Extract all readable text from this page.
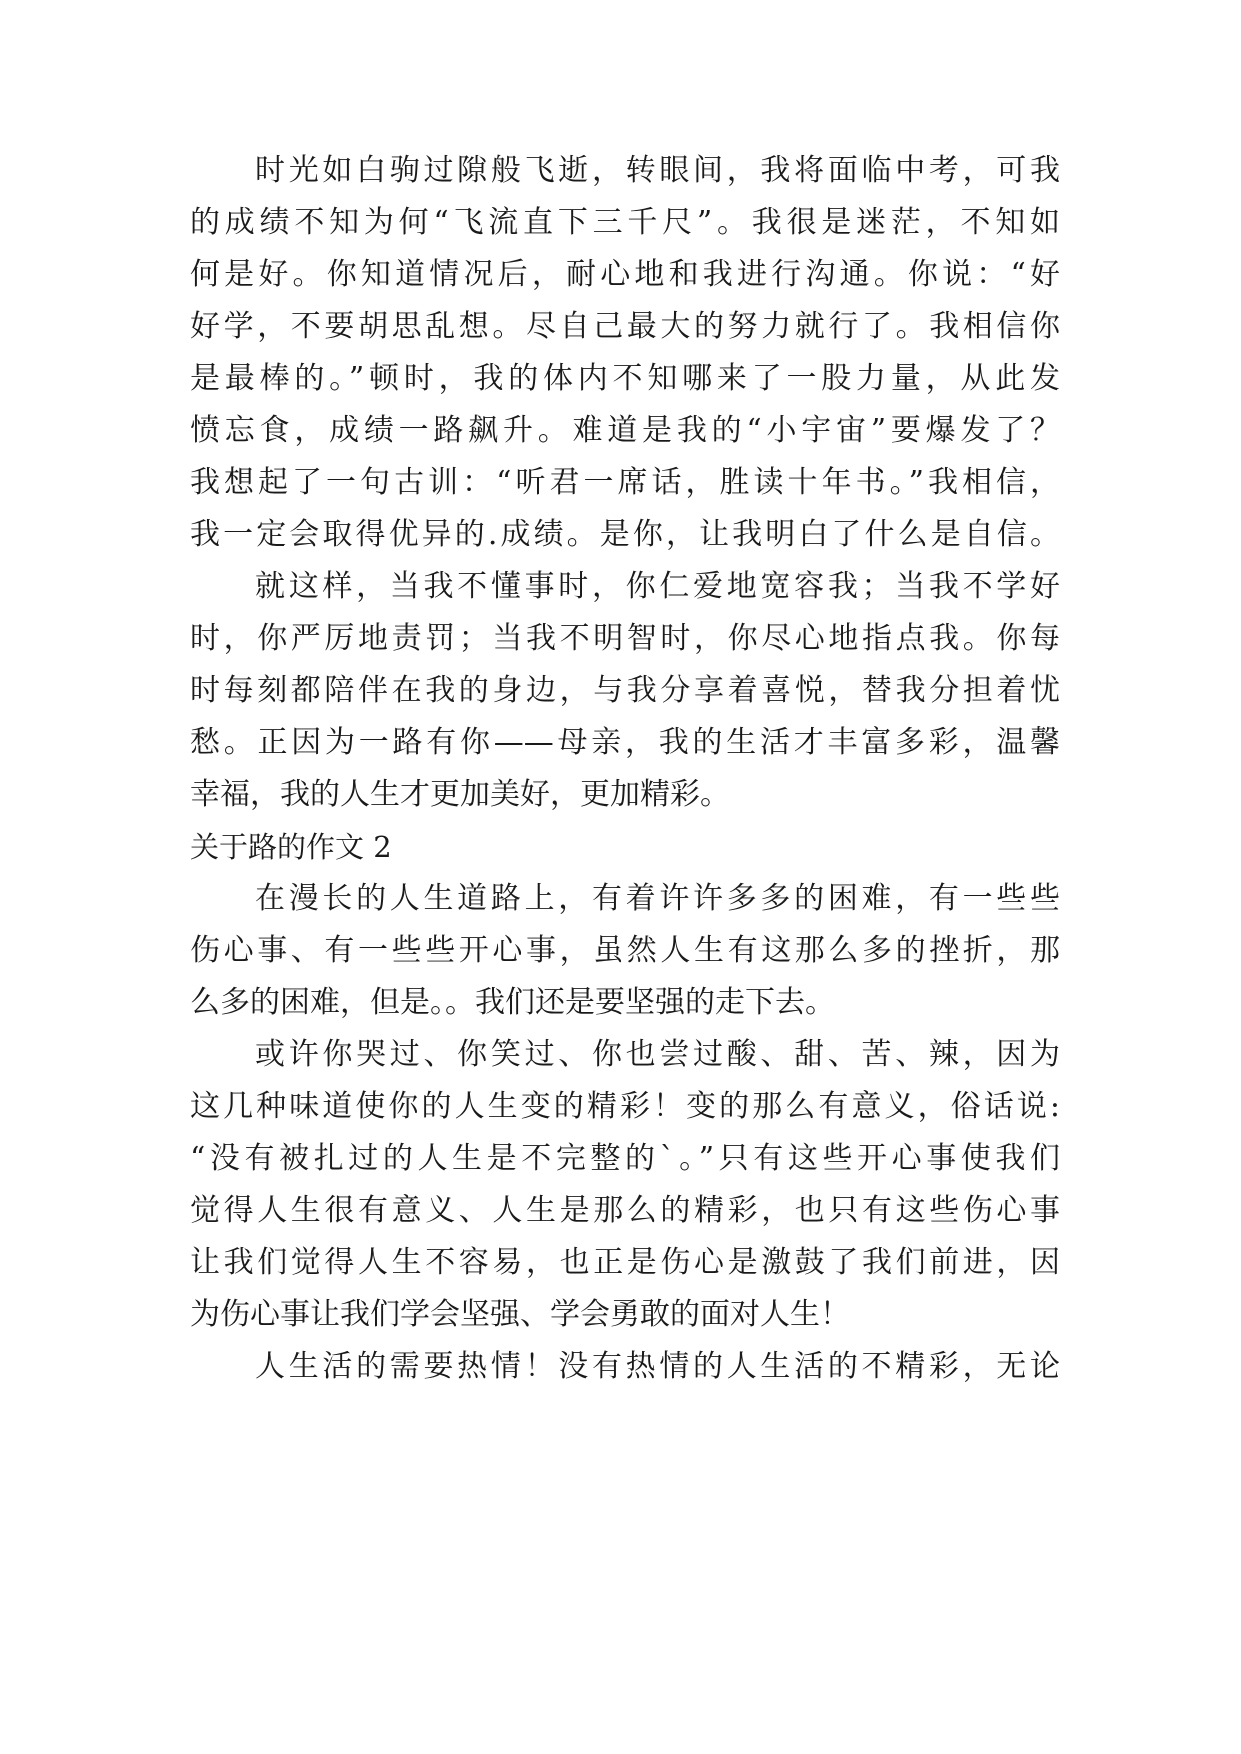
时光如白驹过隙般飞逝，转眼间，我将面临中考，可我

的成绩不知为何“飞流直下三千尺”。我很是迷茫，不知如

何是好。你知道情况后，耐心地和我进行沟通。你说：“好

好学，不要胡思乱想。尽自己最大的努力就行了。我相信你

是最棒的。”顿时，我的体内不知哪来了一股力量，从此发

愤忘食，成绩一路飙升。难道是我的“小宇宙”要爆发了？

我想起了一句古训：“听君一席话，胜读十年书。”我相信，

我一定会取得优异的.成绩。是你，让我明白了什么是自信。

就这样，当我不懂事时，你仁爱地宽容我；当我不学好

时，你严厉地责罚；当我不明智时，你尽心地指点我。你每

时每刻都陪伴在我的身边，与我分享着喜悦，替我分担着忧

愁。正因为一路有你——母亲，我的生活才丰富多彩，温馨

幸福，我的人生才更加美好，更加精彩。

关于路的作文 2

在漫长的人生道路上，有着许许多多的困难，有一些些

伤心事、有一些些开心事，虽然人生有这那么多的挫折，那

么多的困难，但是。。我们还是要坚强的走下去。

或许你哭过、你笑过、你也尝过酸、甜、苦、辣，因为

这几种味道使你的人生变的精彩！变的那么有意义，俗话说:

“没有被扎过的人生是不完整的`。”只有这些开心事使我们

觉得人生很有意义、人生是那么的精彩，也只有这些伤心事

让我们觉得人生不容易，也正是伤心是激鼓了我们前进，因

为伤心事让我们学会坚强、学会勇敢的面对人生！

人生活的需要热情！没有热情的人生活的不精彩，无论
